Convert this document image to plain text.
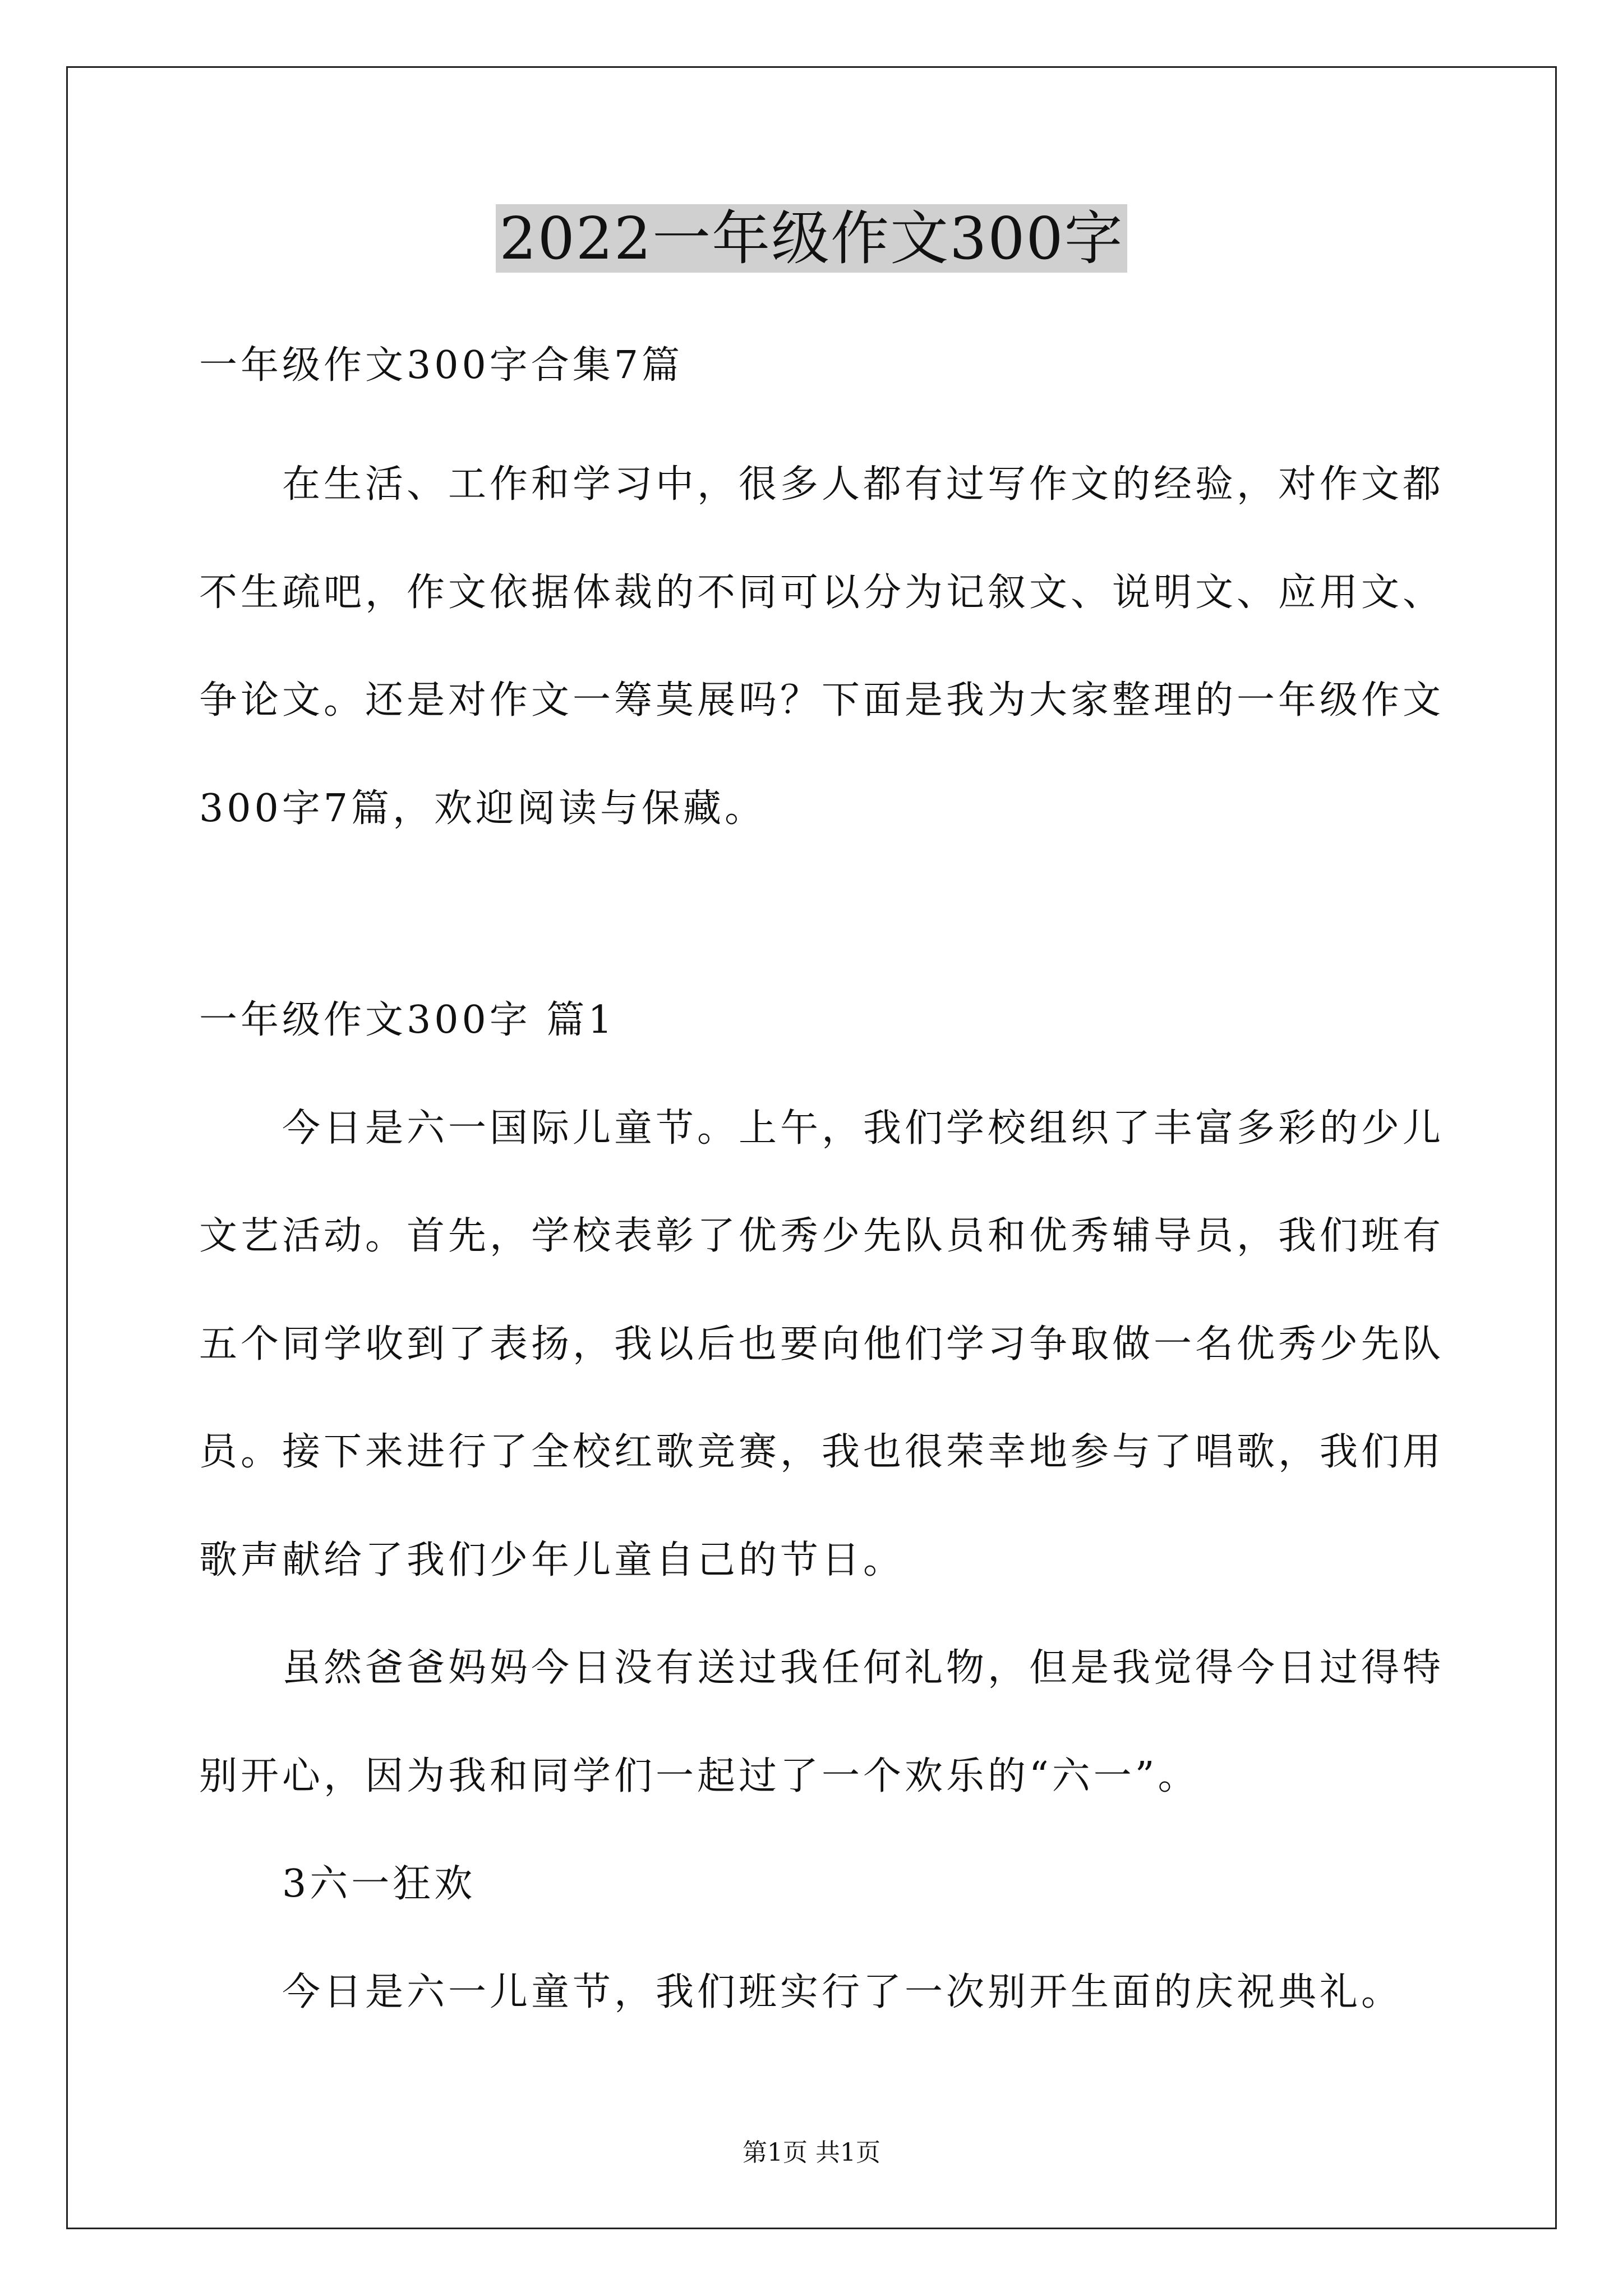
2022一年级作文300字
一年级作文300字合集7篇
　　在生活、工作和学习中，很多人都有过写作文的经验，对作文都
不生疏吧，作文依据体裁的不同可以分为记叙文、说明文、应用文、
争论文。还是对作文一筹莫展吗？下面是我为大家整理的一年级作文
300字7篇，欢迎阅读与保藏。
一年级作文300字 篇1
　　今日是六一国际儿童节。上午，我们学校组织了丰富多彩的少儿
文艺活动。首先，学校表彰了优秀少先队员和优秀辅导员，我们班有
五个同学收到了表扬，我以后也要向他们学习争取做一名优秀少先队
员。接下来进行了全校红歌竞赛，我也很荣幸地参与了唱歌，我们用
歌声献给了我们少年儿童自己的节日。
　　虽然爸爸妈妈今日没有送过我任何礼物，但是我觉得今日过得特
别开心，因为我和同学们一起过了一个欢乐的“六一”。
　　3六一狂欢
　　今日是六一儿童节，我们班实行了一次别开生面的庆祝典礼。
第1页 共1页
